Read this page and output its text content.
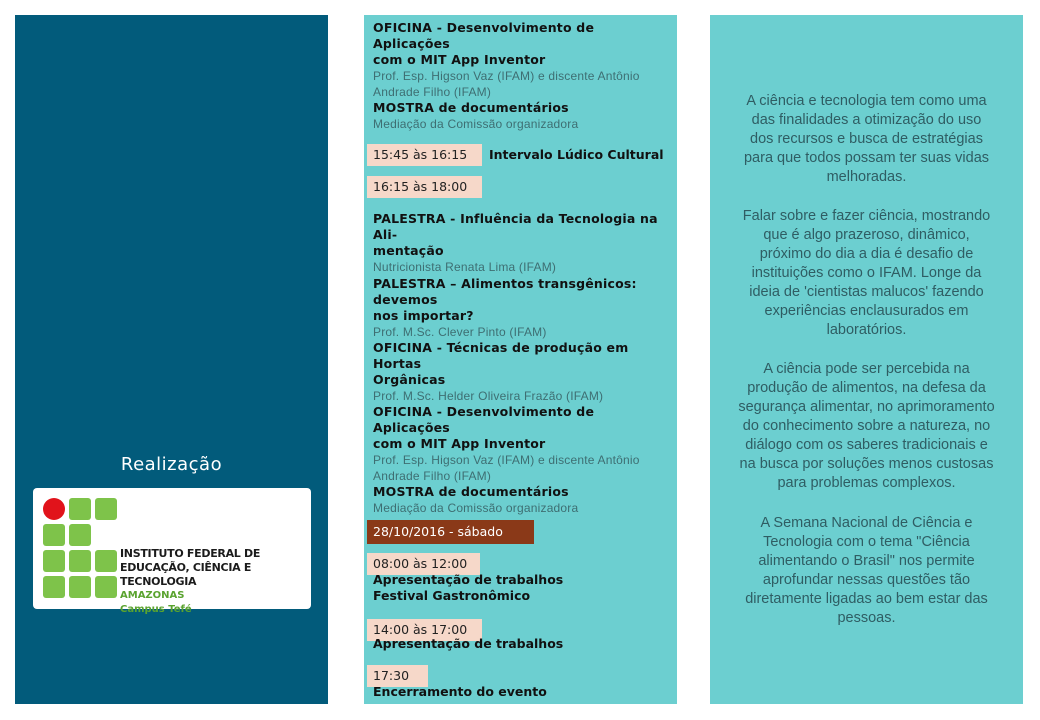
Realização
INSTITUTO FEDERAL DE
EDUCAÇÃO, CIÊNCIA E TECNOLOGIA
AMAZONAS
Campus Tefé
OFICINA - Desenvolvimento de Aplicações
com o MIT App Inventor
Prof. Esp. Higson Vaz (IFAM) e discente Antônio
Andrade Filho (IFAM)
MOSTRA de documentários
Mediação da Comissão organizadora
15:45 às 16:15	Intervalo Lúdico Cultural
16:15 às 18:00
PALESTRA - Influência da Tecnologia na Ali-
mentação
Nutricionista Renata Lima (IFAM)
PALESTRA – Alimentos transgênicos: devemos
nos importar?
Prof. M.Sc. Clever Pinto (IFAM)
OFICINA - Técnicas de produção em Hortas
Orgânicas
Prof. M.Sc. Helder Oliveira Frazão (IFAM)
OFICINA - Desenvolvimento de Aplicações
com o MIT App Inventor
Prof. Esp. Higson Vaz (IFAM) e discente Antônio
Andrade Filho (IFAM)
MOSTRA de documentários
Mediação da Comissão organizadora
28/10/2016 - sábado
08:00 às 12:00
Apresentação de trabalhos
Festival Gastronômico
14:00 às 17:00
Apresentação de trabalhos
17:30
Encerramento do evento
A ciência e tecnologia tem como uma
das finalidades a otimização do uso
dos recursos e busca de estratégias
para que todos possam ter suas vidas
melhoradas.
Falar sobre e fazer ciência, mostrando
que é algo prazeroso, dinâmico,
próximo do dia a dia é desafio de
instituições como o IFAM. Longe da
ideia de 'cientistas malucos' fazendo
experiências enclausurados em
laboratórios.
A ciência pode ser percebida na
produção de alimentos, na defesa da
segurança alimentar, no aprimoramento
do conhecimento sobre a natureza, no
diálogo com os saberes tradicionais e
na busca por soluções menos custosas
para problemas complexos.
A Semana Nacional de Ciência e
Tecnologia com o tema "Ciência
alimentando o Brasil" nos permite
aprofundar nessas questões tão
diretamente ligadas ao bem estar das
pessoas.
